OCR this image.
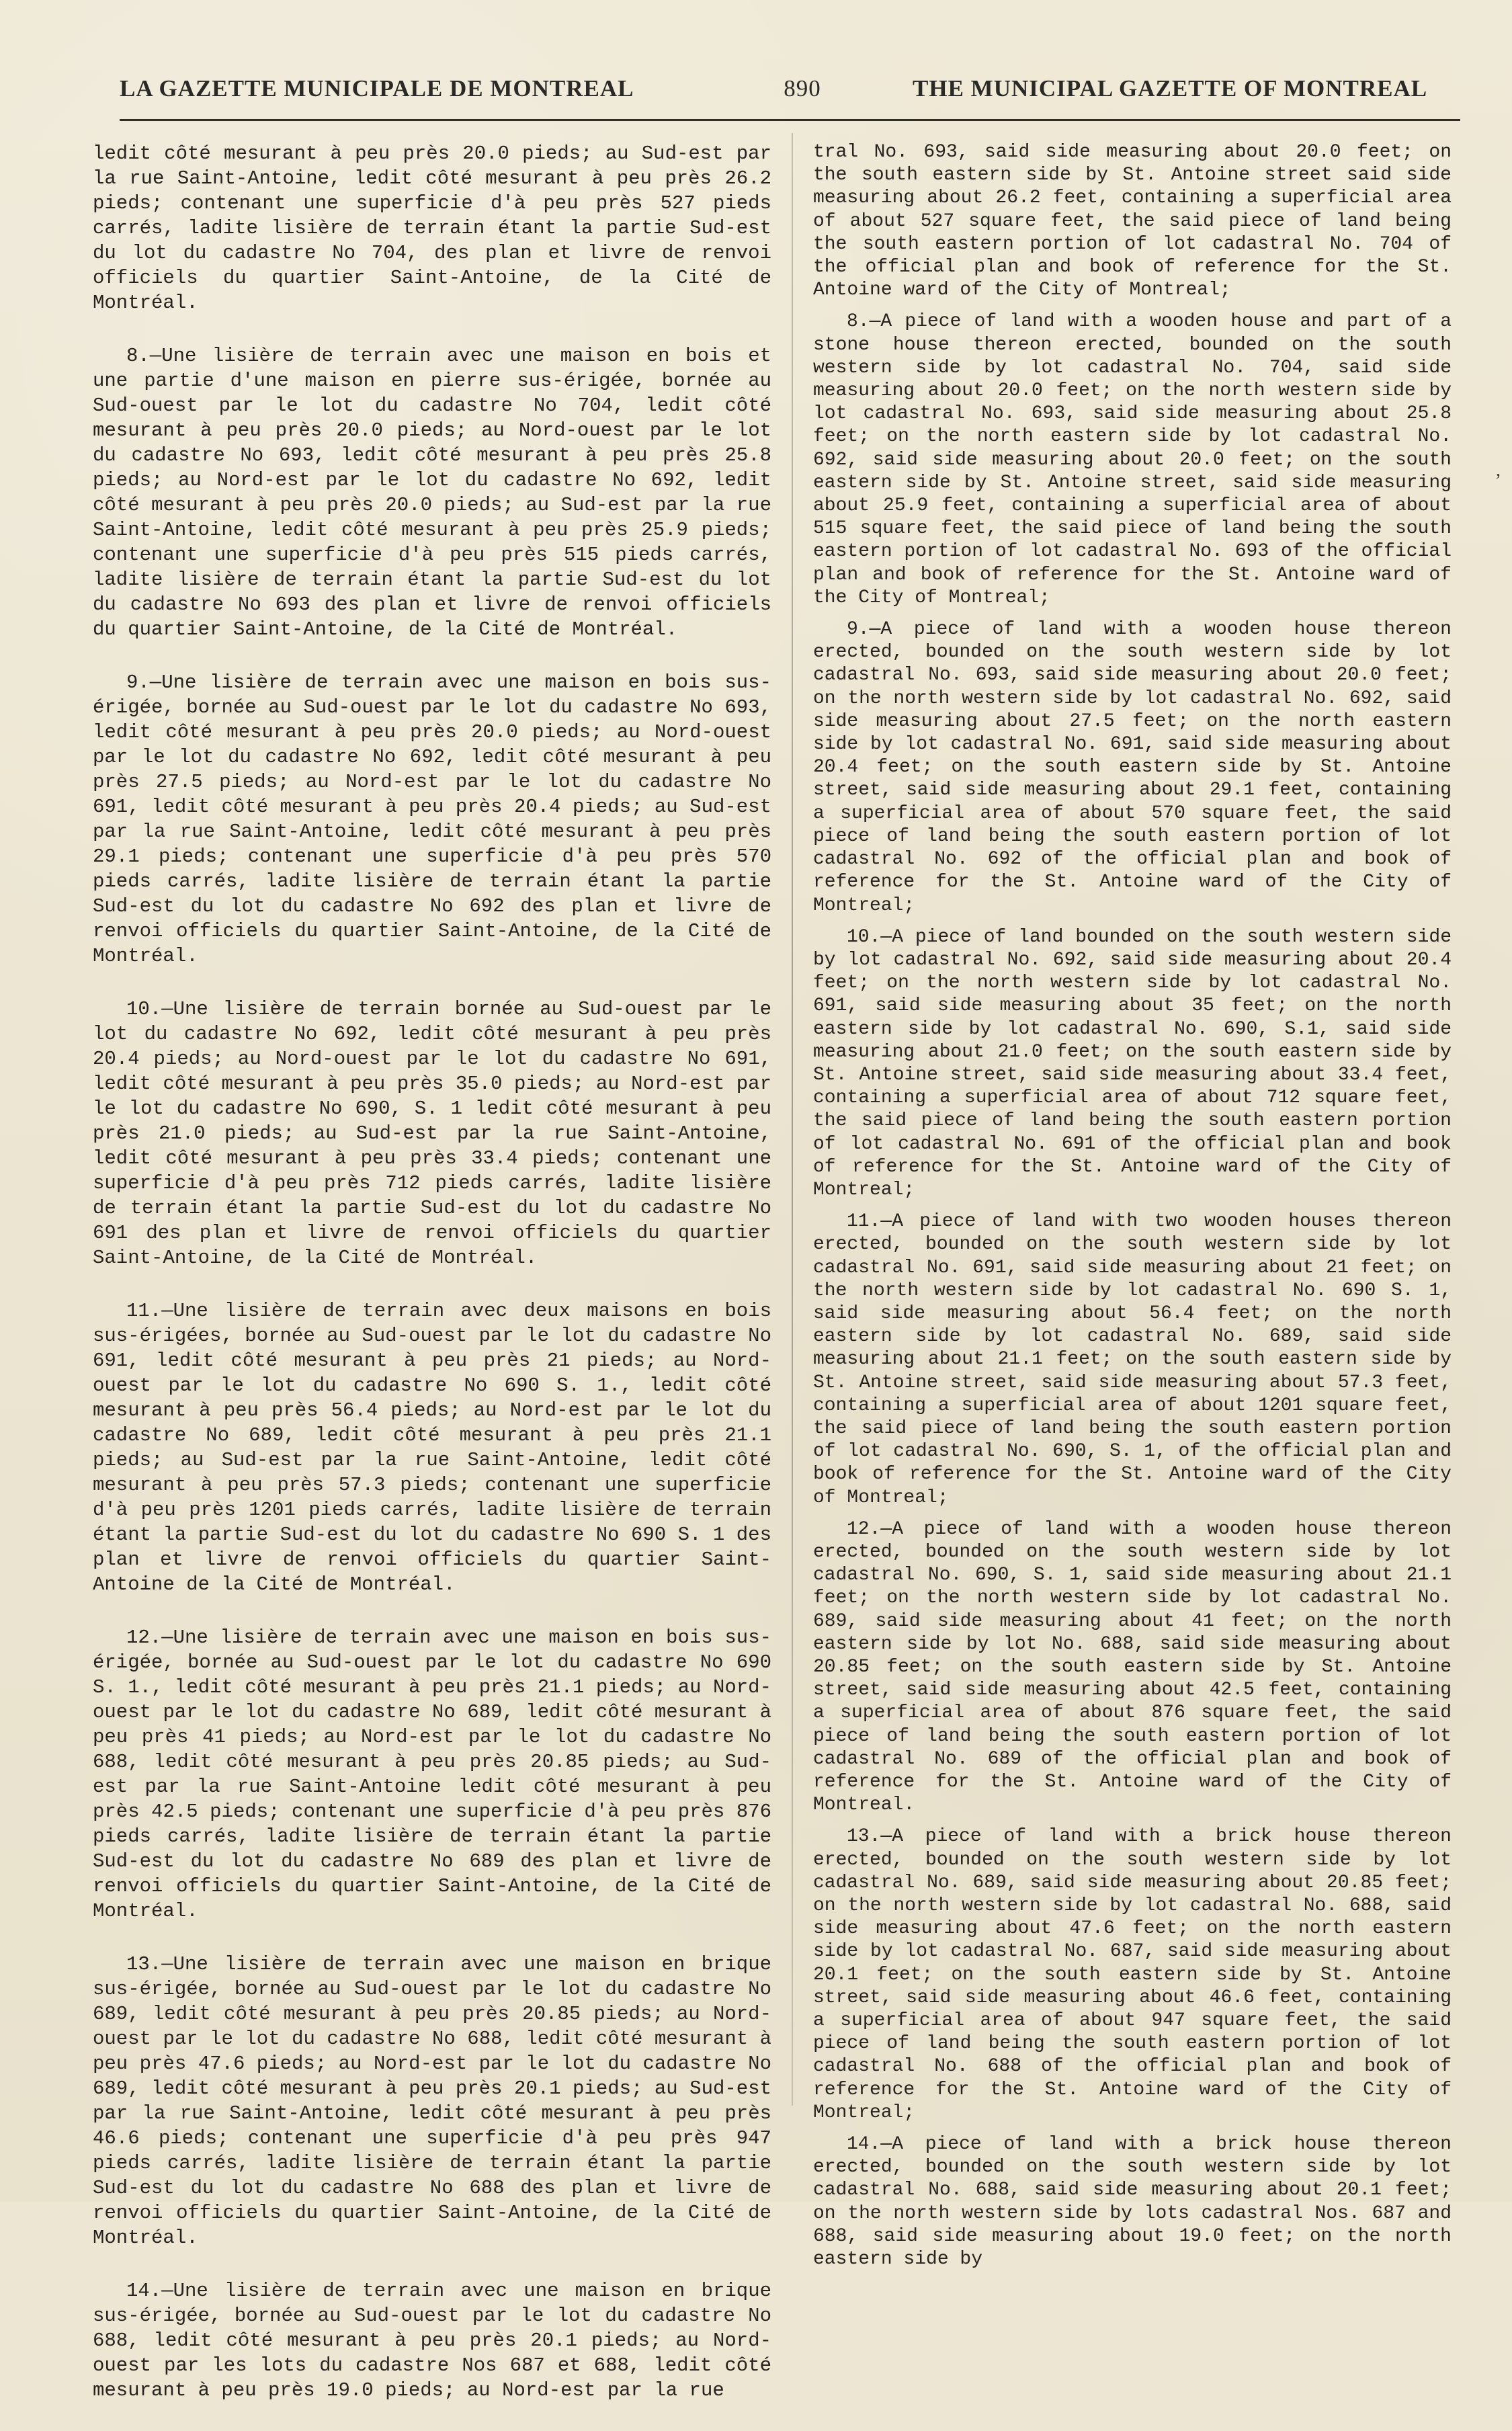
LA GAZETTE MUNICIPALE DE MONTREAL	890	THE MUNICIPAL GAZETTE OF MONTREAL

ledit côté mesurant à peu près 20.0 pieds; au Sud-est par la rue Saint-Antoine, ledit côté mesurant à peu près 26.2 pieds; contenant une superficie d'à peu près 527 pieds carrés, ladite lisière de terrain étant la partie Sud-est du lot du cadastre No 704, des plan et livre de renvoi officiels du quartier Saint-Antoine, de la Cité de Montréal.

8.—Une lisière de terrain avec une maison en bois et une partie d'une maison en pierre sus-érigée, bornée au Sud-ouest par le lot du cadastre No 704, ledit côté mesurant à peu près 20.0 pieds; au Nord-ouest par le lot du cadastre No 693, ledit côté mesurant à peu près 25.8 pieds; au Nord-est par le lot du cadastre No 692, ledit côté mesurant à peu près 20.0 pieds; au Sud-est par la rue Saint-Antoine, ledit côté mesurant à peu près 25.9 pieds; contenant une superficie d'à peu près 515 pieds carrés, ladite lisière de terrain étant la partie Sud-est du lot du cadastre No 693 des plan et livre de renvoi officiels du quartier Saint-Antoine, de la Cité de Montréal.

9.—Une lisière de terrain avec une maison en bois sus-érigée, bornée au Sud-ouest par le lot du cadastre No 693, ledit côté mesurant à peu près 20.0 pieds; au Nord-ouest par le lot du cadastre No 692, ledit côté mesurant à peu près 27.5 pieds; au Nord-est par le lot du cadastre No 691, ledit côté mesurant à peu près 20.4 pieds; au Sud-est par la rue Saint-Antoine, ledit côté mesurant à peu près 29.1 pieds; contenant une superficie d'à peu près 570 pieds carrés, ladite lisière de terrain étant la partie Sud-est du lot du cadastre No 692 des plan et livre de renvoi officiels du quartier Saint-Antoine, de la Cité de Montréal.

10.—Une lisière de terrain bornée au Sud-ouest par le lot du cadastre No 692, ledit côté mesurant à peu près 20.4 pieds; au Nord-ouest par le lot du cadastre No 691, ledit côté mesurant à peu près 35.0 pieds; au Nord-est par le lot du cadastre No 690, S. 1 ledit côté mesurant à peu près 21.0 pieds; au Sud-est par la rue Saint-Antoine, ledit côté mesurant à peu près 33.4 pieds; contenant une superficie d'à peu près 712 pieds carrés, ladite lisière de terrain étant la partie Sud-est du lot du cadastre No 691 des plan et livre de renvoi officiels du quartier Saint-Antoine, de la Cité de Montréal.

11.—Une lisière de terrain avec deux maisons en bois sus-érigées, bornée au Sud-ouest par le lot du cadastre No 691, ledit côté mesurant à peu près 21 pieds; au Nord-ouest par le lot du cadastre No 690 S. 1., ledit côté mesurant à peu près 56.4 pieds; au Nord-est par le lot du cadastre No 689, ledit côté mesurant à peu près 21.1 pieds; au Sud-est par la rue Saint-Antoine, ledit côté mesurant à peu près 57.3 pieds; contenant une superficie d'à peu près 1201 pieds carrés, ladite lisière de terrain étant la partie Sud-est du lot du cadastre No 690 S. 1 des plan et livre de renvoi officiels du quartier Saint-Antoine de la Cité de Montréal.

12.—Une lisière de terrain avec une maison en bois sus-érigée, bornée au Sud-ouest par le lot du cadastre No 690 S. 1., ledit côté mesurant à peu près 21.1 pieds; au Nord-ouest par le lot du cadastre No 689, ledit côté mesurant à peu près 41 pieds; au Nord-est par le lot du cadastre No 688, ledit côté mesurant à peu près 20.85 pieds; au Sud-est par la rue Saint-Antoine ledit côté mesurant à peu près 42.5 pieds; contenant une superficie d'à peu près 876 pieds carrés, ladite lisière de terrain étant la partie Sud-est du lot du cadastre No 689 des plan et livre de renvoi officiels du quartier Saint-Antoine, de la Cité de Montréal.

13.—Une lisière de terrain avec une maison en brique sus-érigée, bornée au Sud-ouest par le lot du cadastre No 689, ledit côté mesurant à peu près 20.85 pieds; au Nord-ouest par le lot du cadastre No 688, ledit côté mesurant à peu près 47.6 pieds; au Nord-est par le lot du cadastre No 689, ledit côté mesurant à peu près 20.1 pieds; au Sud-est par la rue Saint-Antoine, ledit côté mesurant à peu près 46.6 pieds; contenant une superficie d'à peu près 947 pieds carrés, ladite lisière de terrain étant la partie Sud-est du lot du cadastre No 688 des plan et livre de renvoi officiels du quartier Saint-Antoine, de la Cité de Montréal.

14.—Une lisière de terrain avec une maison en brique sus-érigée, bornée au Sud-ouest par le lot du cadastre No 688, ledit côté mesurant à peu près 20.1 pieds; au Nord-ouest par les lots du cadastre Nos 687 et 688, ledit côté mesurant à peu près 19.0 pieds; au Nord-est par la rue

tral No. 693, said side measuring about 20.0 feet; on the south eastern side by St. Antoine street said side measuring about 26.2 feet, containing a superficial area of about 527 square feet, the said piece of land being the south eastern portion of lot cadastral No. 704 of the official plan and book of reference for the St. Antoine ward of the City of Montreal;

8.—A piece of land with a wooden house and part of a stone house thereon erected, bounded on the south western side by lot cadastral No. 704, said side measuring about 20.0 feet; on the north western side by lot cadastral No. 693, said side measuring about 25.8 feet; on the north eastern side by lot cadastral No. 692, said side measuring about 20.0 feet; on the south eastern side by St. Antoine street, said side measuring about 25.9 feet, containing a superficial area of about 515 square feet, the said piece of land being the south eastern portion of lot cadastral No. 693 of the official plan and book of reference for the St. Antoine ward of the City of Montreal;

9.—A piece of land with a wooden house thereon erected, bounded on the south western side by lot cadastral No. 693, said side measuring about 20.0 feet; on the north western side by lot cadastral No. 692, said side measuring about 27.5 feet; on the north eastern side by lot cadastral No. 691, said side measuring about 20.4 feet; on the south eastern side by St. Antoine street, said side measuring about 29.1 feet, containing a superficial area of about 570 square feet, the said piece of land being the south eastern portion of lot cadastral No. 692 of the official plan and book of reference for the St. Antoine ward of the City of Montreal;

10.—A piece of land bounded on the south western side by lot cadastral No. 692, said side measuring about 20.4 feet; on the north western side by lot cadastral No. 691, said side measuring about 35 feet; on the north eastern side by lot cadastral No. 690, S.1, said side measuring about 21.0 feet; on the south eastern side by St. Antoine street, said side measuring about 33.4 feet, containing a superficial area of about 712 square feet, the said piece of land being the south eastern portion of lot cadastral No. 691 of the official plan and book of reference for the St. Antoine ward of the City of Montreal;

11.—A piece of land with two wooden houses thereon erected, bounded on the south western side by lot cadastral No. 691, said side measuring about 21 feet; on the north western side by lot cadastral No. 690 S. 1, said side measuring about 56.4 feet; on the north eastern side by lot cadastral No. 689, said side measuring about 21.1 feet; on the south eastern side by St. Antoine street, said side measuring about 57.3 feet, containing a superficial area of about 1201 square feet, the said piece of land being the south eastern portion of lot cadastral No. 690, S. 1, of the official plan and book of reference for the St. Antoine ward of the City of Montreal;

12.—A piece of land with a wooden house thereon erected, bounded on the south western side by lot cadastral No. 690, S. 1, said side measuring about 21.1 feet; on the north western side by lot cadastral No. 689, said side measuring about 41 feet; on the north eastern side by lot No. 688, said side measuring about 20.85 feet; on the south eastern side by St. Antoine street, said side measuring about 42.5 feet, containing a superficial area of about 876 square feet, the said piece of land being the south eastern portion of lot cadastral No. 689 of the official plan and book of reference for the St. Antoine ward of the City of Montreal.

13.—A piece of land with a brick house thereon erected, bounded on the south western side by lot cadastral No. 689, said side measuring about 20.85 feet; on the north western side by lot cadastral No. 688, said side measuring about 47.6 feet; on the north eastern side by lot cadastral No. 687, said side measuring about 20.1 feet; on the south eastern side by St. Antoine street, said side measuring about 46.6 feet, containing a superficial area of about 947 square feet, the said piece of land being the south eastern portion of lot cadastral No. 688 of the official plan and book of reference for the St. Antoine ward of the City of Montreal;

14.—A piece of land with a brick house thereon erected, bounded on the south western side by lot cadastral No. 688, said side measuring about 20.1 feet; on the north western side by lots cadastral Nos. 687 and 688, said side measuring about 19.0 feet; on the north eastern side by

,
